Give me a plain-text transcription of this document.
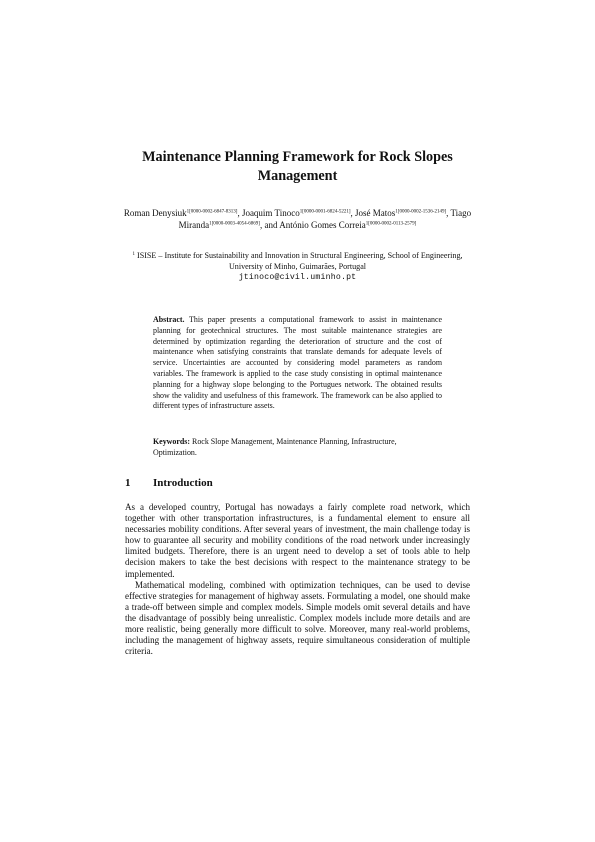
Maintenance Planning Framework for Rock Slopes Management
Roman Denysiuk$^{1[0000-0002-6847-8313]}$, Joaquim Tinoco$^{1[0000-0001-6824-5221]}$, José Matos$^{1[0000-0002-1536-2149]}$, Tiago Miranda$^{1[0000-0003-4054-6869]}$, and António Gomes Correia$^{1[0000-0002-0113-2579]}$
$^1$ ISISE – Institute for Sustainability and Innovation in Structural Engineering, School of Engineering, University of Minho, Guimarães, Portugal
jtinoco@civil.uminho.pt
Abstract. This paper presents a computational framework to assist in maintenance planning for geotechnical structures. The most suitable maintenance strategies are determined by optimization regarding the deterioration of structure and the cost of maintenance when satisfying constraints that translate demands for adequate levels of service. Uncertainties are accounted by considering model parameters as random variables. The framework is applied to the case study consisting in optimal maintenance planning for a highway slope belonging to the Portugues network. The obtained results show the validity and usefulness of this framework. The framework can be also applied to different types of infrastructure assets.
Keywords: Rock Slope Management, Maintenance Planning, Infrastructure, Optimization.
1 Introduction

As a developed country, Portugal has nowadays a fairly complete road network, which together with other transportation infrastructures, is a fundamental element to ensure all necessaries mobility conditions. After several years of investment, the main challenge today is how to guarantee all security and mobility conditions of the road network under increasingly limited budgets. Therefore, there is an urgent need to develop a set of tools able to help decision makers to take the best decisions with respect to the maintenance strategy to be implemented.

Mathematical modeling, combined with optimization techniques, can be used to devise effective strategies for management of highway assets. Formulating a model, one should make a trade-off between simple and complex models. Simple models omit several details and have the disadvantage of possibly being unrealistic. Complex models include more details and are more realistic, being generally more difficult to solve. Moreover, many real-world problems, including the management of highway assets, require simultaneous consideration of multiple criteria.
